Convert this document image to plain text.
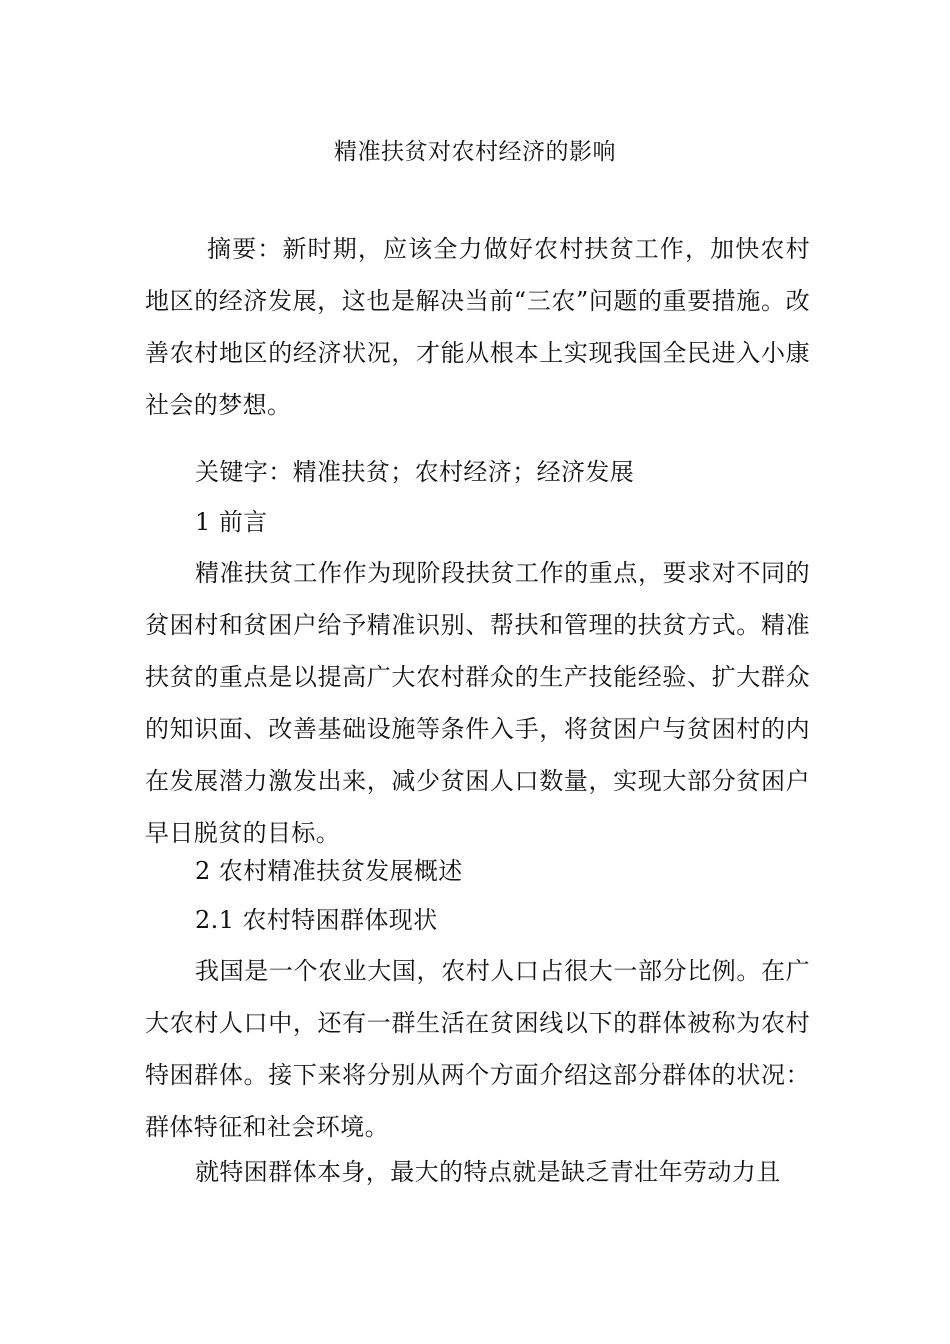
精准扶贫对农村经济的影响
摘要：新时期，应该全力做好农村扶贫工作，加快农村地区的经济发展，这也是解决当前“三农”问题的重要措施。改善农村地区的经济状况，才能从根本上实现我国全民进入小康社会的梦想。
关键字：精准扶贫；农村经济；经济发展
1 前言
精准扶贫工作作为现阶段扶贫工作的重点，要求对不同的贫困村和贫困户给予精准识别、帮扶和管理的扶贫方式。精准扶贫的重点是以提高广大农村群众的生产技能经验、扩大群众的知识面、改善基础设施等条件入手，将贫困户与贫困村的内在发展潜力激发出来，减少贫困人口数量，实现大部分贫困户早日脱贫的目标。
2 农村精准扶贫发展概述
2.1 农村特困群体现状
我国是一个农业大国，农村人口占很大一部分比例。在广大农村人口中，还有一群生活在贫困线以下的群体被称为农村特困群体。接下来将分别从两个方面介绍这部分群体的状况：群体特征和社会环境。
就特困群体本身，最大的特点就是缺乏青壮年劳动力且
